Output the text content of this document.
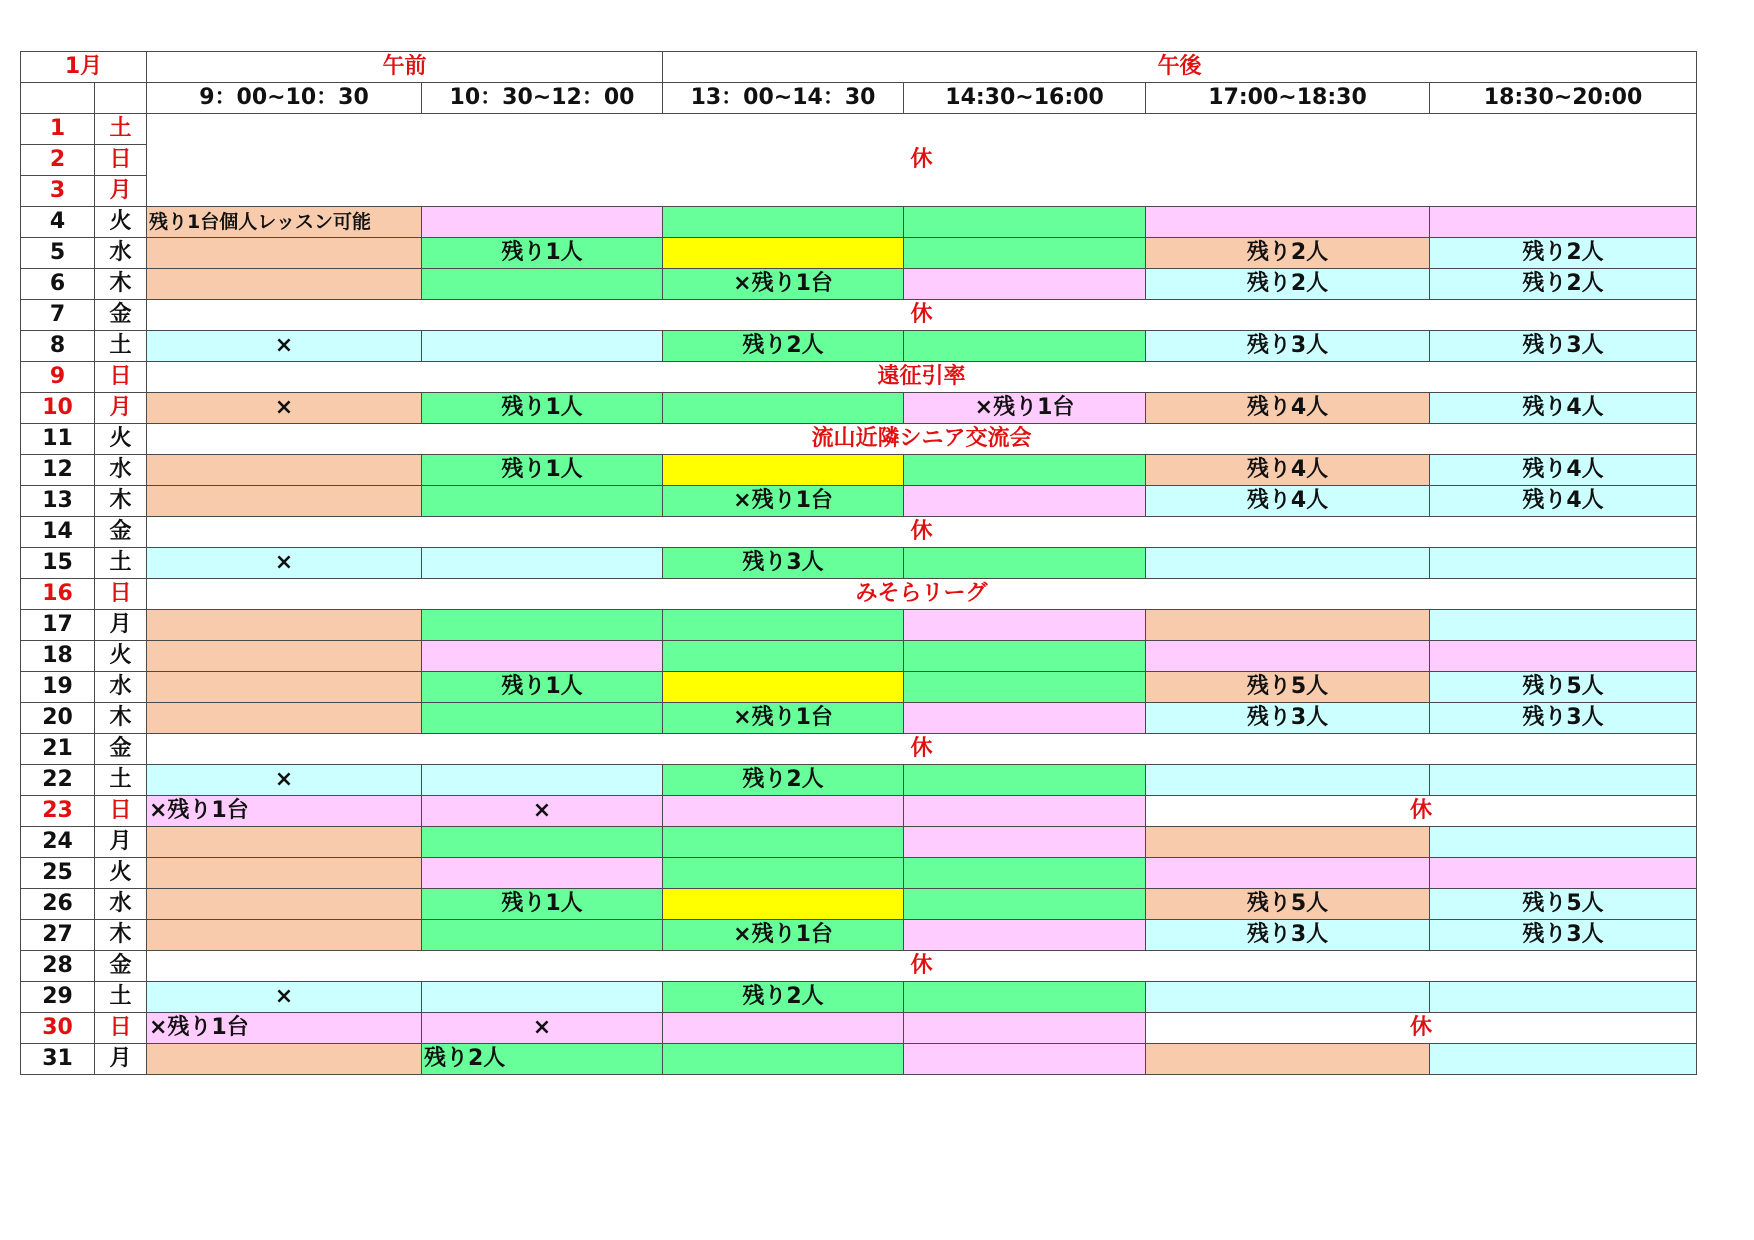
1月		午前		午後			
		9：00~10：30	10：30~12：00	13：00~14：30	14:30~16:00	17:00~18:30	18:30~20:00
1	土	休					
2	日						
3	月						
4	火	残り1台個人レッスン可能					
5	水		残り1人			残り2人	残り2人
6	木			×残り1台		残り2人	残り2人
7	金	休					
8	土	×		残り2人		残り3人	残り3人
9	日	遠征引率					
10	月	×	残り1人		×残り1台	残り4人	残り4人
11	火	流山近隣シニア交流会					
12	水		残り1人			残り4人	残り4人
13	木			×残り1台		残り4人	残り4人
14	金	休					
15	土	×		残り3人			
16	日	みそらリーグ					
17	月						
18	火						
19	水		残り1人			残り5人	残り5人
20	木			×残り1台		残り3人	残り3人
21	金	休					
22	土	×		残り2人			
23	日	×残り1台	×			休	
24	月						
25	火						
26	水		残り1人			残り5人	残り5人
27	木			×残り1台		残り3人	残り3人
28	金	休					
29	土	×		残り2人			
30	日	×残り1台	×			休	
31	月		残り2人				
